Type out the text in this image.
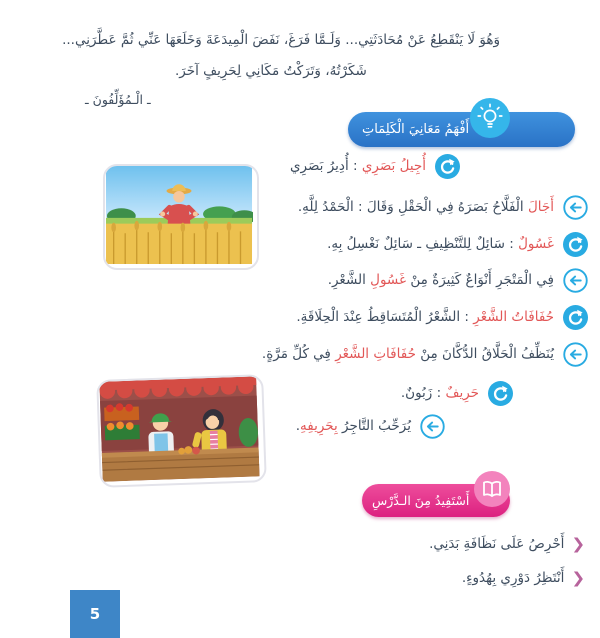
وَهُوَ لَا يَنْقَطِعُ عَنْ مُحَادَثَتِي... وَلَـمَّا فَرَغَ، نَفَضَ الْمِيدَعَةَ وَخَلَعَهَا عَنِّي ثُمَّ عَطَّرَنِي...
شَكَرْتُهُ، وَتَرَكْتُ مَكَانِي لِحَرِيفٍ آخَرَ.
ـ الْـمُؤَلِّفُونَ ـ
أَفْهَمُ مَعَانِيَ الْكَلِمَاتِ
أُجِيلُ بَصَرِي : أُدِيرُ بَصَرِي
أَجَالَ الْفَلَّاحُ بَصَرَهُ فِي الْحَقْلِ وَقَالَ : الْحَمْدُ لِلَّهِ.
غَسُولٌ : سَائِلٌ لِلتَّنْظِيفِ ـ سَائِلٌ نَغْسِلُ بِهِ.
فِي الْمَتْجَرِ أَنْوَاعٌ كَثِيرَةٌ مِنْ غَسُولِ الشَّعْرِ.
حُفَافَاتُ الشَّعْرِ : الشَّعْرُ الْمُتَسَاقِطُ عِنْدَ الْحِلَاقَةِ.
يُنَظِّفُ الْحَلَّاقُ الدُّكَّانَ مِنْ حُفَافَاتِ الشَّعْرِ فِي كُلِّ مَرَّةٍ.
حَرِيفٌ : زَبُونٌ.
يُرَحِّبُ التَّاجِرُ بِحَرِيفِهِ.
أَسْتَفِيدُ مِنَ الـدَّرْسِ
❮
أَحْرِصُ عَلَى نَظَافَةِ بَدَنِي.
❮
أَنْتَظِرُ دَوْرِي بِهُدُوءٍ.
5
